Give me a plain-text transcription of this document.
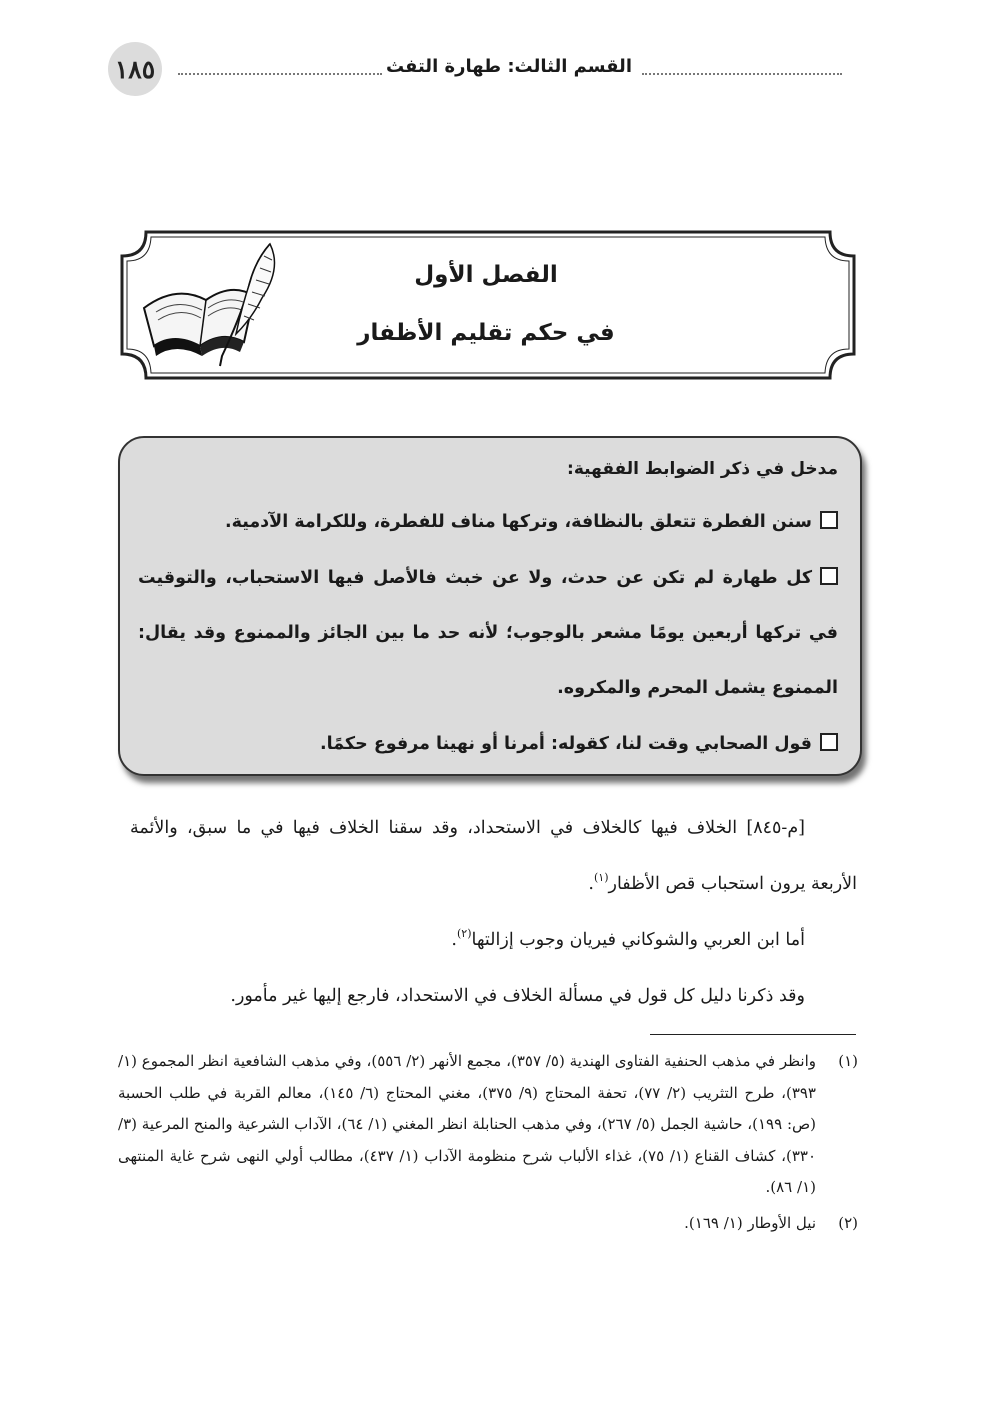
١٨٥	القسم الثالث: طهارة التفث
الفصل الأول
في حكم تقليم الأظفار
مدخل في ذكر الضوابط الفقهية:
سنن الفطرة تتعلق بالنظافة، وتركها مناف للفطرة، وللكرامة الآدمية.
كل طهارة لم تكن عن حدث، ولا عن خبث فالأصل فيها الاستحباب، والتوقيت في تركها أربعين يومًا مشعر بالوجوب؛ لأنه حد ما بين الجائز والممنوع وقد يقال: الممنوع يشمل المحرم والمكروه.
قول الصحابي وقت لنا، كقوله: أمرنا أو نهينا مرفوع حكمًا.

[م-٨٤٥] الخلاف فيها كالخلاف في الاستحداد، وقد سقنا الخلاف فيها في ما سبق، والأئمة الأربعة يرون استحباب قص الأظفار$^{(١)}$.

أما ابن العربي والشوكاني فيريان وجوب إزالتها$^{(٢)}$.

وقد ذكرنا دليل كل قول في مسألة الخلاف في الاستحداد، فارجع إليها غير مأمور.

(١)
وانظر في مذهب الحنفية الفتاوى الهندية (٥/ ٣٥٧)، مجمع الأنهر (٢/ ٥٥٦)، وفي مذهب الشافعية انظر المجموع (١/ ٣٩٣)، طرح التثريب (٢/ ٧٧)، تحفة المحتاج (٩/ ٣٧٥)، مغني المحتاج (٦/ ١٤٥)، معالم القربة في طلب الحسبة (ص: ١٩٩)، حاشية الجمل (٥/ ٢٦٧)، وفي مذهب الحنابلة انظر المغني (١/ ٦٤)، الآداب الشرعية والمنح المرعية (٣/ ٣٣٠)، كشاف القناع (١/ ٧٥)، غذاء الألباب شرح منظومة الآداب (١/ ٤٣٧)، مطالب أولي النهى شرح غاية المنتهى (١/ ٨٦).
(٢)
نيل الأوطار (١/ ١٦٩).
